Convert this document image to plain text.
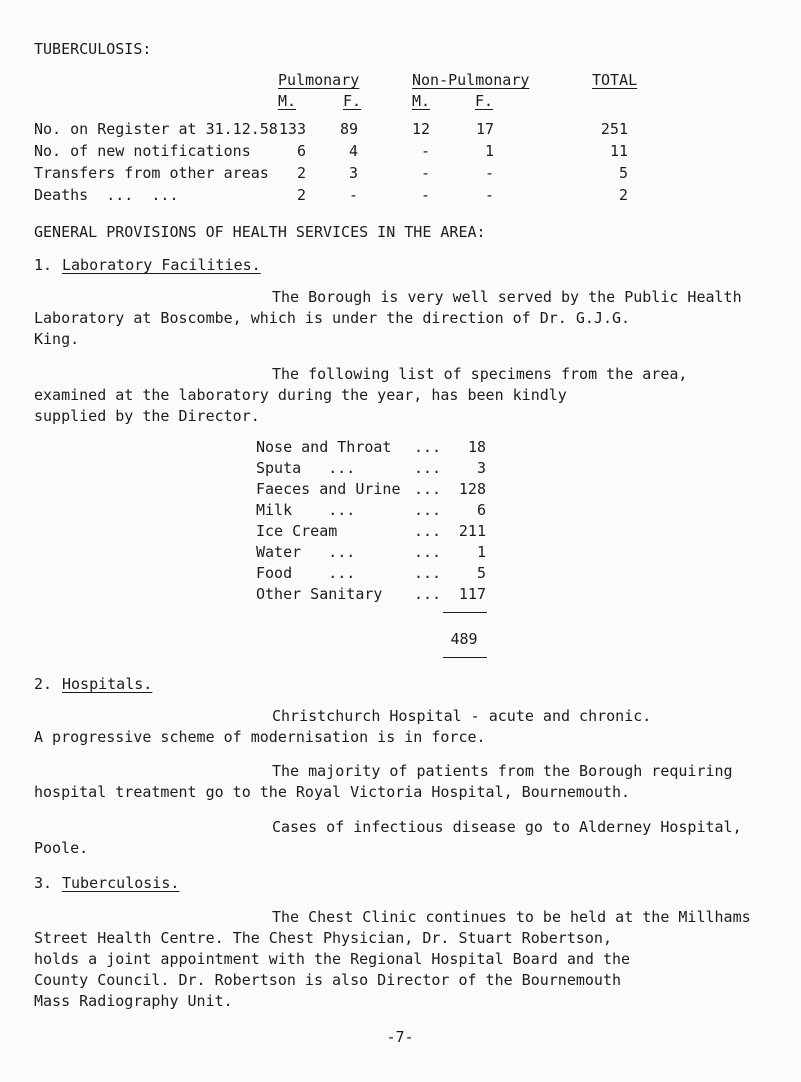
TUBERCULOSIS:
Pulmonary	Non-Pulmonary	TOTAL
M.	F.	M.	F.
No. on Register at 31.12.58 133	89	12	17	251
No. of new notifications	6	4	-	1	11
Transfers from other areas	2	3	-	-	5
Deaths  ...  ...	2	-	-	-	2
GENERAL PROVISIONS OF HEALTH SERVICES IN THE AREA:
1. Laboratory Facilities.
The Borough is very well served by the Public Health
Laboratory at Boscombe, which is under the direction of Dr. G.J.G.
King.
The following list of specimens from the area,
examined at the laboratory during the year, has been kindly
supplied by the Director.
Nose and Throat ...	18
Sputa   ...	...	3
Faeces and Urine ...	128
Milk    ...	...	6
Ice Cream	...	211
Water   ...	...	1
Food    ...	...	5
Other Sanitary ...	117
489
2. Hospitals.
Christchurch Hospital - acute and chronic.
A progressive scheme of modernisation is in force.
The majority of patients from the Borough requiring
hospital treatment go to the Royal Victoria Hospital, Bournemouth.
Cases of infectious disease go to Alderney Hospital,
Poole.
3. Tuberculosis.
The Chest Clinic continues to be held at the Millhams
Street Health Centre. The Chest Physician, Dr. Stuart Robertson,
holds a joint appointment with the Regional Hospital Board and the
County Council. Dr. Robertson is also Director of the Bournemouth
Mass Radiography Unit.
-7-
